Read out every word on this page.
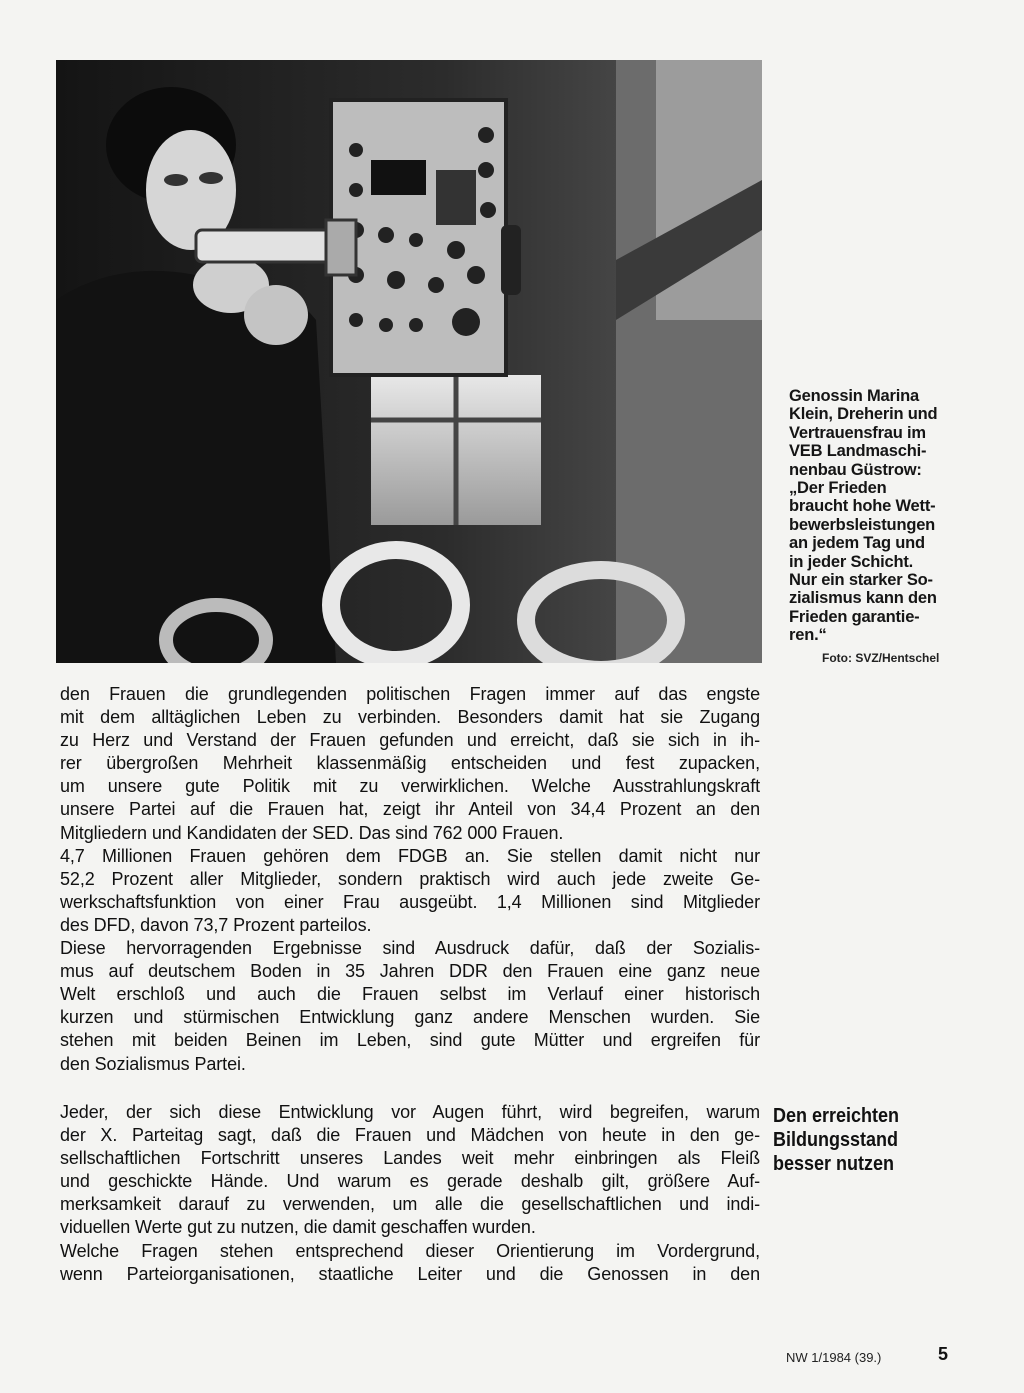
Genossin Marina
Klein, Dreherin und
Vertrauensfrau im
VEB Landmaschi-
nenbau Güstrow:
„Der Frieden
braucht hohe Wett-
bewerbsleistungen
an jedem Tag und
in jeder Schicht.
Nur ein starker So-
zialismus kann den
Frieden garantie-
ren.“
Foto: SVZ/Hentschel
den Frauen die grundlegenden politischen Fragen immer auf das engste
mit dem alltäglichen Leben zu verbinden. Besonders damit hat sie Zugang
zu Herz und Verstand der Frauen gefunden und erreicht, daß sie sich in ih-
rer übergroßen Mehrheit klassenmäßig entscheiden und fest zupacken,
um unsere gute Politik mit zu verwirklichen. Welche Ausstrahlungskraft
unsere Partei auf die Frauen hat, zeigt ihr Anteil von 34,4 Prozent an den
Mitgliedern und Kandidaten der SED. Das sind 762 000 Frauen.
4,7 Millionen Frauen gehören dem FDGB an. Sie stellen damit nicht nur
52,2 Prozent aller Mitglieder, sondern praktisch wird auch jede zweite Ge-
werkschaftsfunktion von einer Frau ausgeübt. 1,4 Millionen sind Mitglieder
des DFD, davon 73,7 Prozent parteilos.
Diese hervorragenden Ergebnisse sind Ausdruck dafür, daß der Sozialis-
mus auf deutschem Boden in 35 Jahren DDR den Frauen eine ganz neue
Welt erschloß und auch die Frauen selbst im Verlauf einer historisch
kurzen und stürmischen Entwicklung ganz andere Menschen wurden. Sie
stehen mit beiden Beinen im Leben, sind gute Mütter und ergreifen für
den Sozialismus Partei.
Jeder, der sich diese Entwicklung vor Augen führt, wird begreifen, warum
der X. Parteitag sagt, daß die Frauen und Mädchen von heute in den ge-
sellschaftlichen Fortschritt unseres Landes weit mehr einbringen als Fleiß
und geschickte Hände. Und warum es gerade deshalb gilt, größere Auf-
merksamkeit darauf zu verwenden, um alle die gesellschaftlichen und indi-
viduellen Werte gut zu nutzen, die damit geschaffen wurden.
Welche Fragen stehen entsprechend dieser Orientierung im Vordergrund,
wenn Parteiorganisationen, staatliche Leiter und die Genossen in den
Den erreichten
Bildungsstand
besser nutzen
NW 1/1984 (39.)	5
